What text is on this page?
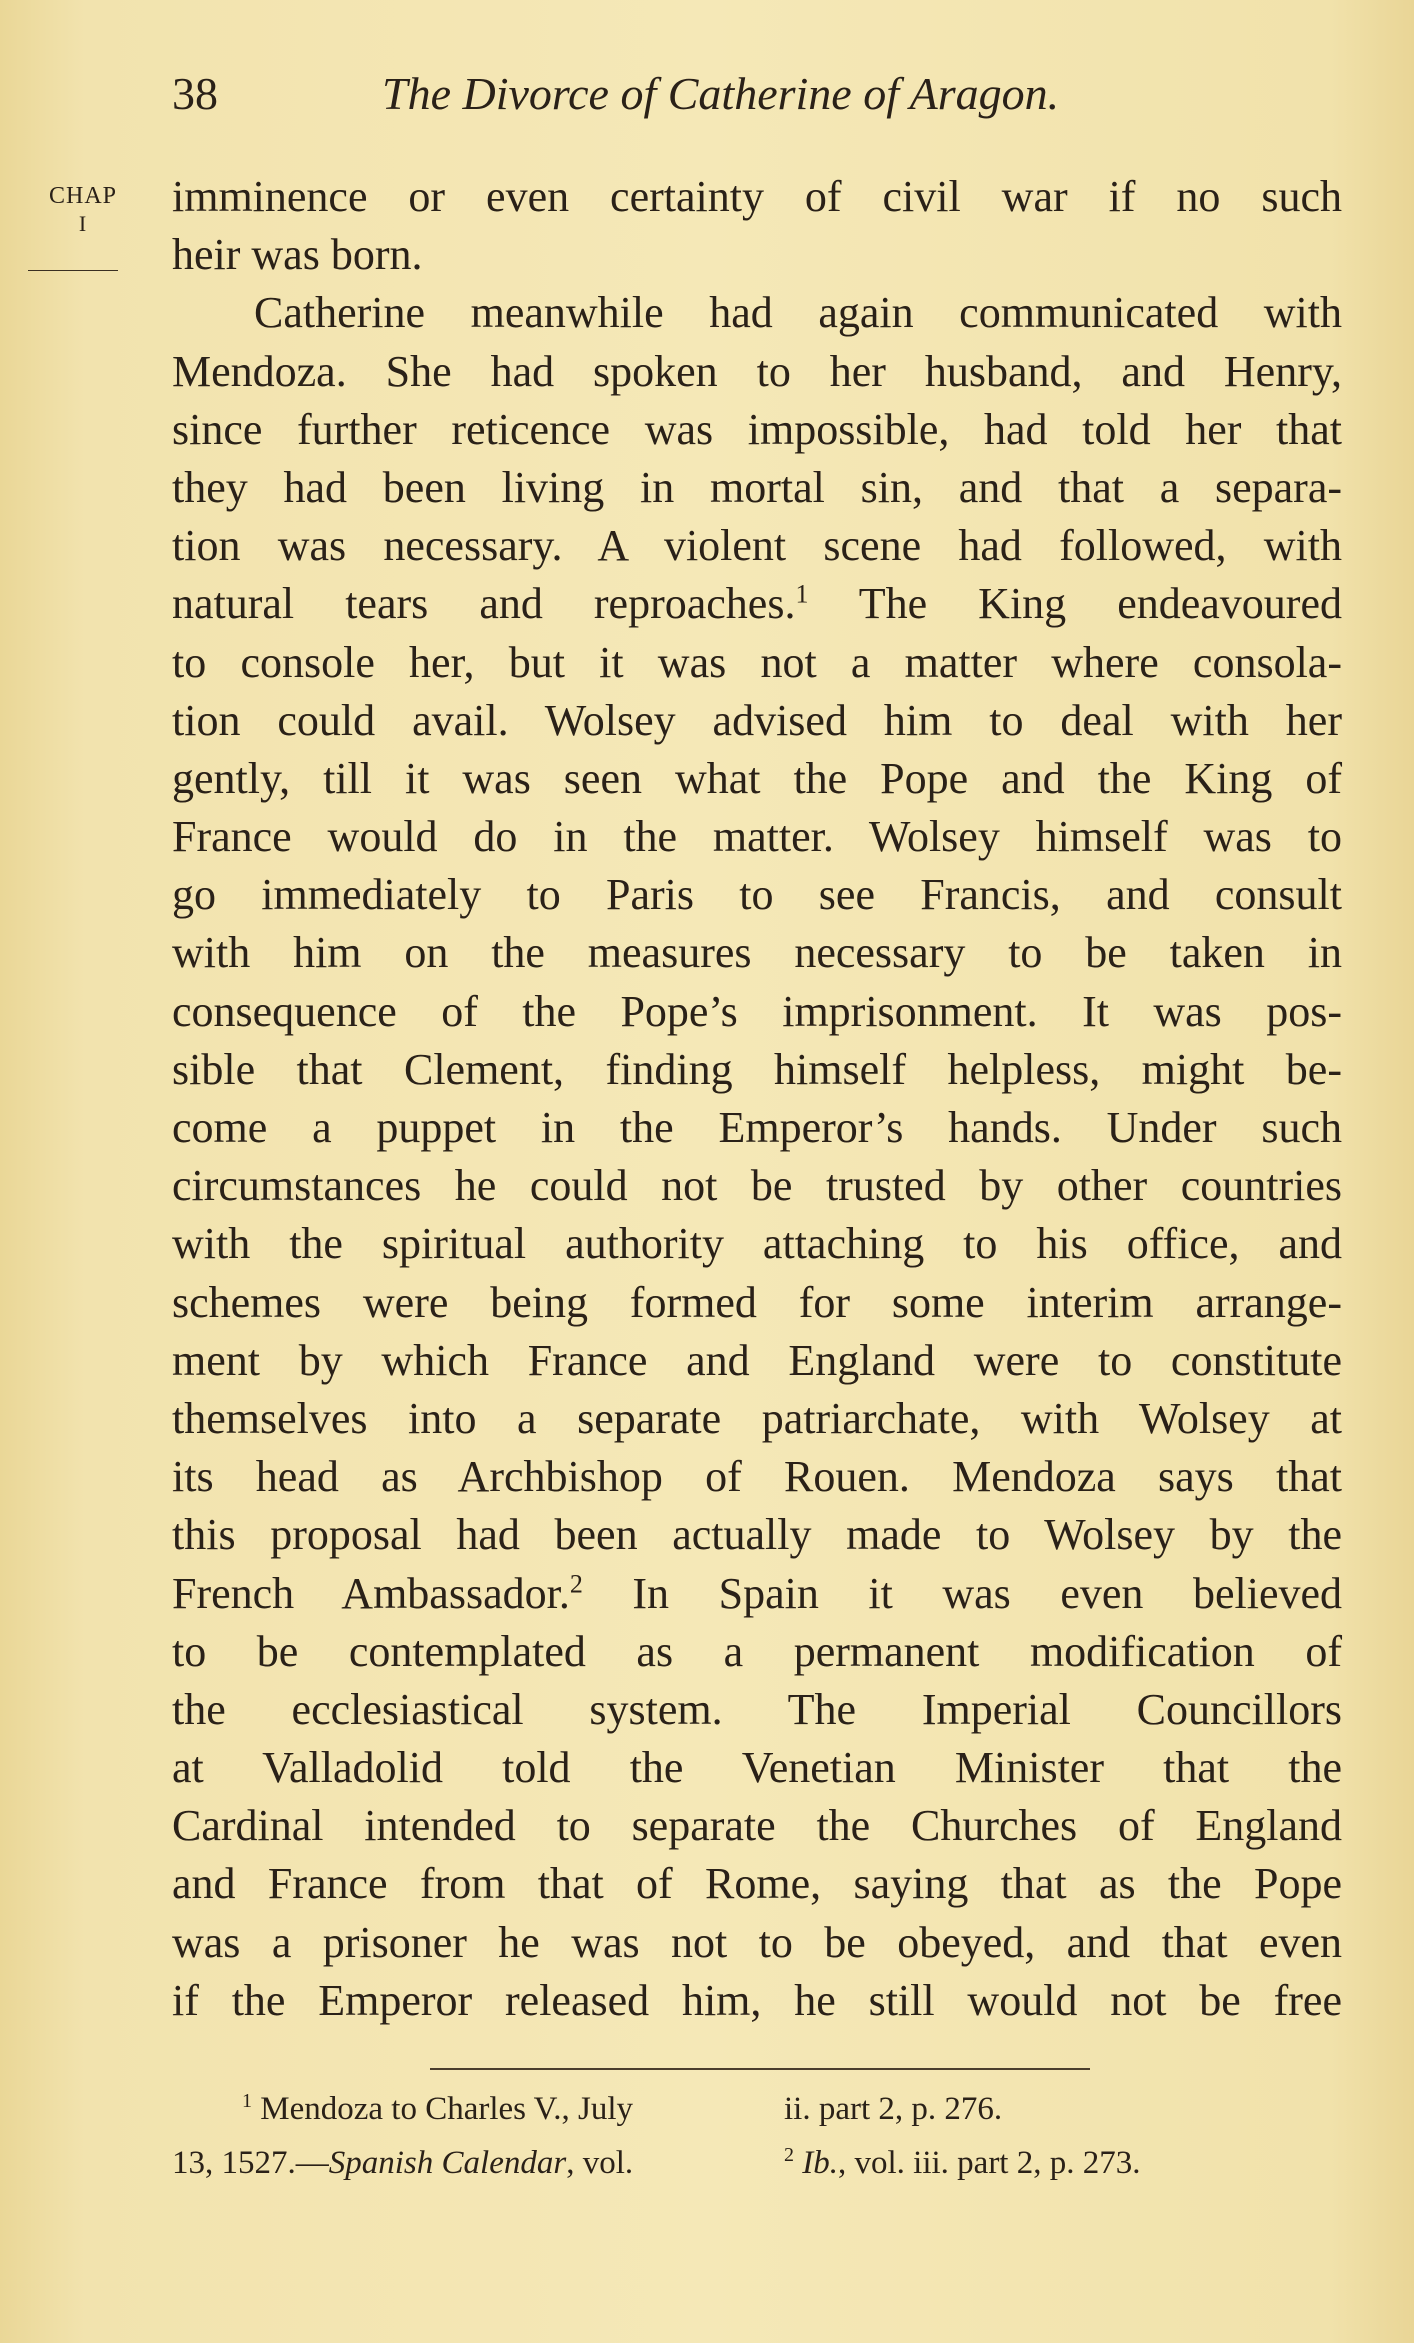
38	The Divorce of Catherine of Aragon.
CHAP
I
imminence or even certainty of civil war if no such
heir was born.
Catherine meanwhile had again communicated with
Mendoza. She had spoken to her husband, and Henry,
since further reticence was impossible, had told her that
they had been living in mortal sin, and that a separa-
tion was necessary. A violent scene had followed, with
natural tears and reproaches.$^1$ The King endeavoured
to console her, but it was not a matter where consola-
tion could avail. Wolsey advised him to deal with her
gently, till it was seen what the Pope and the King of
France would do in the matter. Wolsey himself was to
go immediately to Paris to see Francis, and consult
with him on the measures necessary to be taken in
consequence of the Pope’s imprisonment. It was pos-
sible that Clement, finding himself helpless, might be-
come a puppet in the Emperor’s hands. Under such
circumstances he could not be trusted by other countries
with the spiritual authority attaching to his office, and
schemes were being formed for some interim arrange-
ment by which France and England were to constitute
themselves into a separate patriarchate, with Wolsey at
its head as Archbishop of Rouen. Mendoza says that
this proposal had been actually made to Wolsey by the
French Ambassador.$^2$ In Spain it was even believed
to be contemplated as a permanent modification of
the ecclesiastical system. The Imperial Councillors
at Valladolid told the Venetian Minister that the
Cardinal intended to separate the Churches of England
and France from that of Rome, saying that as the Pope
was a prisoner he was not to be obeyed, and that even
if the Emperor released him, he still would not be free
$^1$ Mendoza to Charles V., July	ii. part 2, p. 276.
13, 1527.—Spanish Calendar, vol.	$^2$ Ib., vol. iii. part 2, p. 273.
